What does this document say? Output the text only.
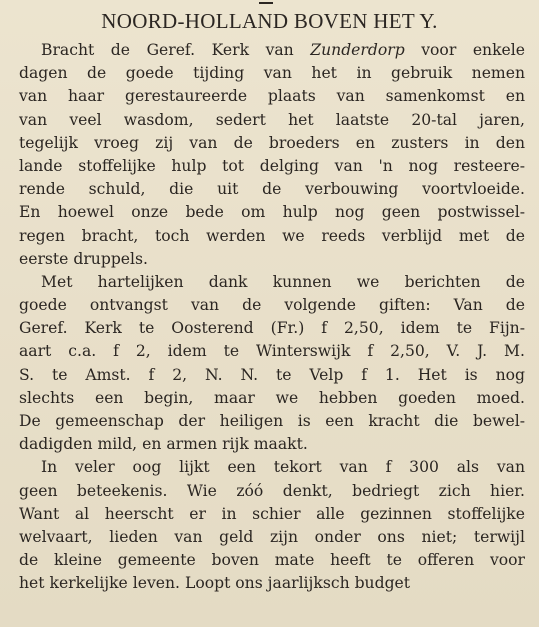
NOORD-HOLLAND BOVEN HET Y.
Bracht de Geref. Kerk van Zunderdorp voor enkele
dagen de goede tijding van het in gebruik nemen
van haar gerestaureerde plaats van samenkomst en
van veel wasdom, sedert het laatste 20-tal jaren,
tegelijk vroeg zij van de broeders en zusters in den
lande stoffelijke hulp tot delging van 'n nog resteere-
rende schuld, die uit de verbouwing voortvloeide.
En hoewel onze bede om hulp nog geen postwissel-
regen bracht, toch werden we reeds verblijd met de
eerste druppels.
Met hartelijken dank kunnen we berichten de
goede ontvangst van de volgende giften: Van de
Geref. Kerk te Oosterend (Fr.) f 2,50, idem te Fijn-
aart c.a. f 2, idem te Winterswijk f 2,50, V. J. M.
S. te Amst. f 2, N. N. te Velp f 1. Het is nog
slechts een begin, maar we hebben goeden moed.
De gemeenschap der heiligen is een kracht die bewel-
dadigden mild, en armen rijk maakt.
In veler oog lijkt een tekort van f 300 als van
geen beteekenis. Wie zóó denkt, bedriegt zich hier.
Want al heerscht er in schier alle gezinnen stoffelijke
welvaart, lieden van geld zijn onder ons niet; terwijl
de kleine gemeente boven mate heeft te offeren voor
het kerkelijke leven. Loopt ons jaarlijksch budget
